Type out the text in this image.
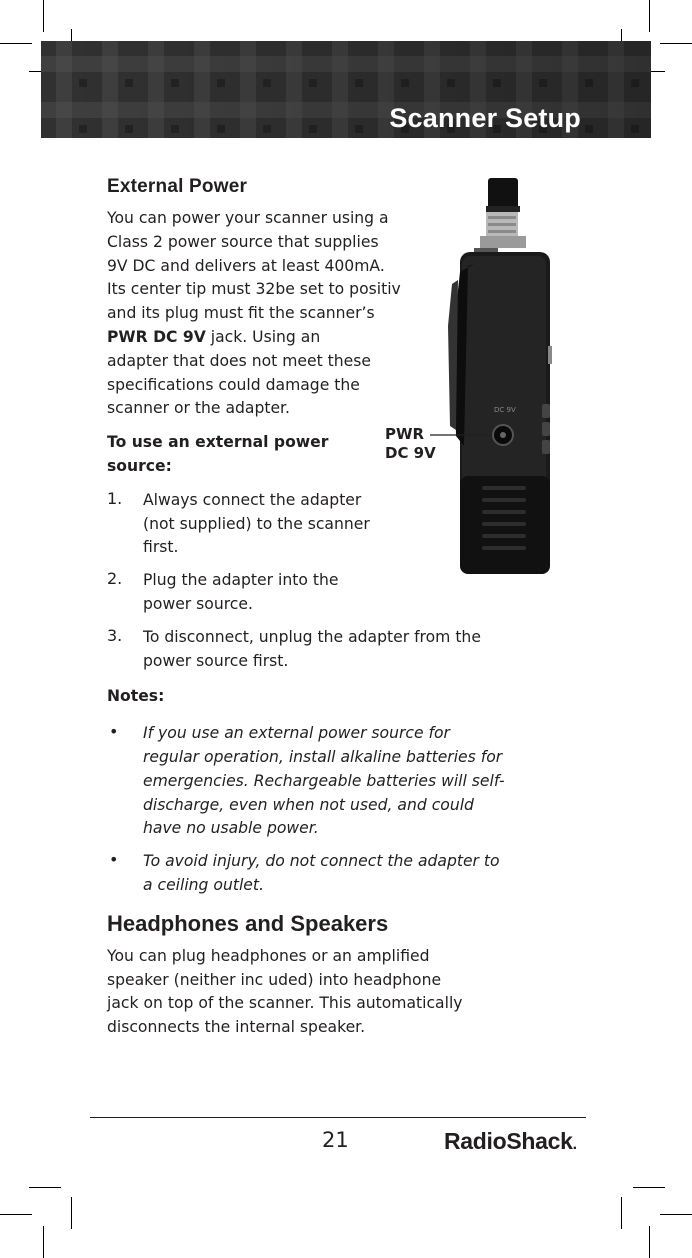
Scanner Setup
DC 9V
PWR
DC 9V
External Power

You can power your scanner using a

Class 2 power source that supplies

9V DC and delivers at least 400mA.

Its center tip must 32be set to positiv

and its plug must fit the scanner’s

PWR DC 9V jack. Using an

adapter that does not meet these

specifications could damage the

scanner or the adapter.

To use an external power

source:

1. Always connect the adapter

(not supplied) to the scanner

first.

2. Plug the adapter into the

power source.

3. To disconnect, unplug the adapter from the

power source first.

Notes:

• If you use an external power source for

regular operation, install alkaline batteries for

emergencies. Rechargeable batteries will self-

discharge, even when not used, and could

have no usable power.

• To avoid injury, do not connect the adapter to

a ceiling outlet.

Headphones and Speakers

You can plug headphones or an amplified

speaker (neither inc uded) into headphone

jack on top of the scanner. This automatically

disconnects the internal speaker.

21	RadioShack.
